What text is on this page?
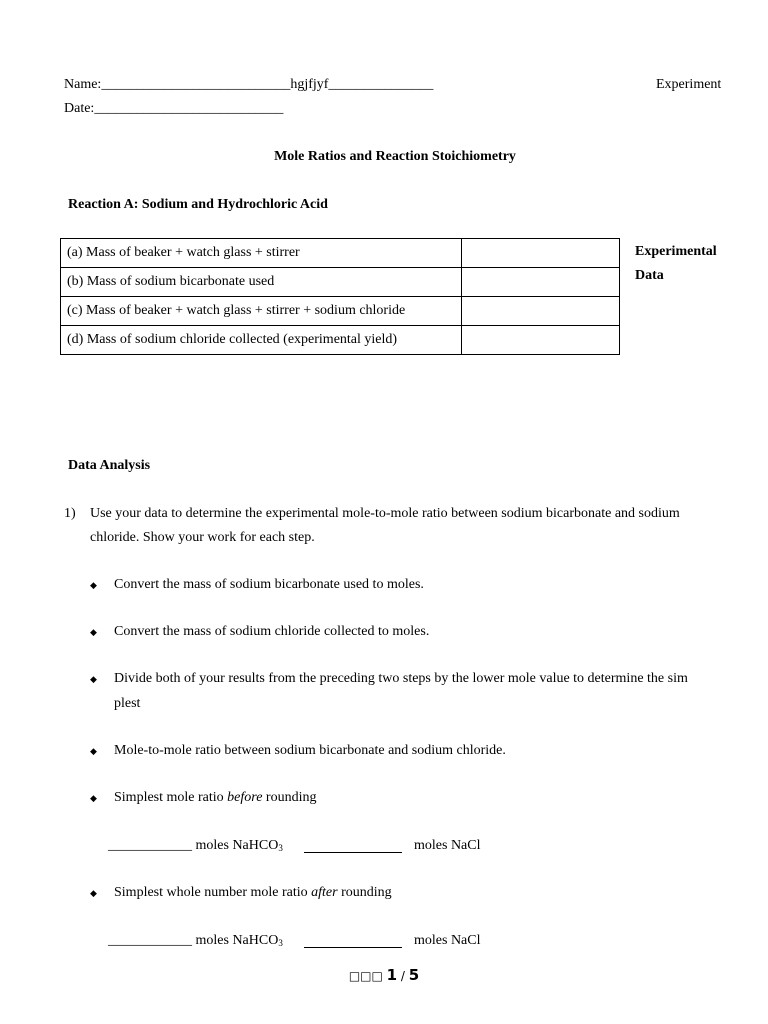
Name:___________________________hgjfjyf_______________	Experiment
Date:___________________________
Mole Ratios and Reaction Stoichiometry
Reaction A: Sodium and Hydrochloric Acid
(a) Mass of beaker + watch glass + stirrer	
(b) Mass of sodium bicarbonate used	
(c) Mass of beaker + watch glass + stirrer + sodium chloride	
(d) Mass of sodium chloride collected (experimental yield)	
Experimental
Data
Data Analysis
1) Use your data to determine the experimental mole-to-mole ratio between sodium bicarbonate and sodium
chloride. Show your work for each step.
◆ Convert the mass of sodium bicarbonate used to moles.
◆ Convert the mass of sodium chloride collected to moles.
◆ Divide both of your results from the preceding two steps by the lower mole value to determine the sim
plest
◆ Mole-to-mole ratio between sodium bicarbonate and sodium chloride.
◆ Simplest mole ratio before rounding
____________ moles NaHCO$_3$	moles NaCl
◆ Simplest whole number mole ratio after rounding
____________ moles NaHCO$_3$	moles NaCl
□□□ 1 / 5
